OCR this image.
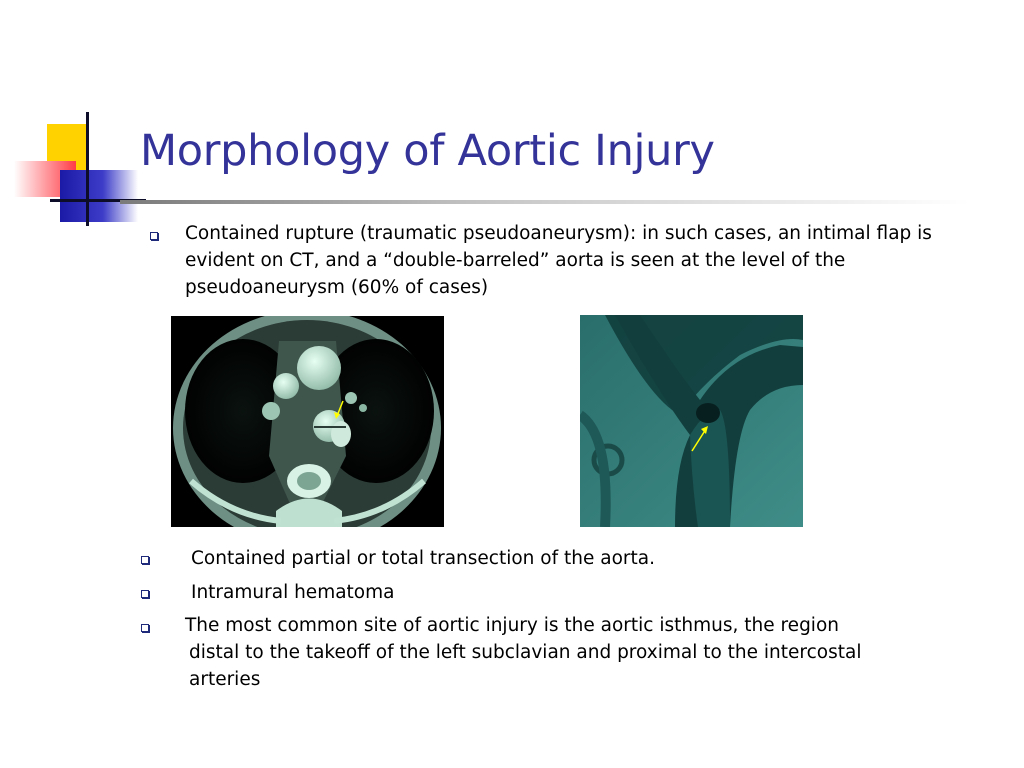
Morphology of Aortic Injury

Contained rupture (traumatic pseudoaneurysm): in such cases, an intimal flap is evident on CT, and a “double-barreled” aorta is seen at the level of the pseudoaneurysm (60% of cases)

Contained partial or total transection of the aorta.

Intramural hematoma

The most common site of aortic injury is the aortic isthmus, the region distal to the takeoff of the left subclavian and proximal to the intercostal arteries
